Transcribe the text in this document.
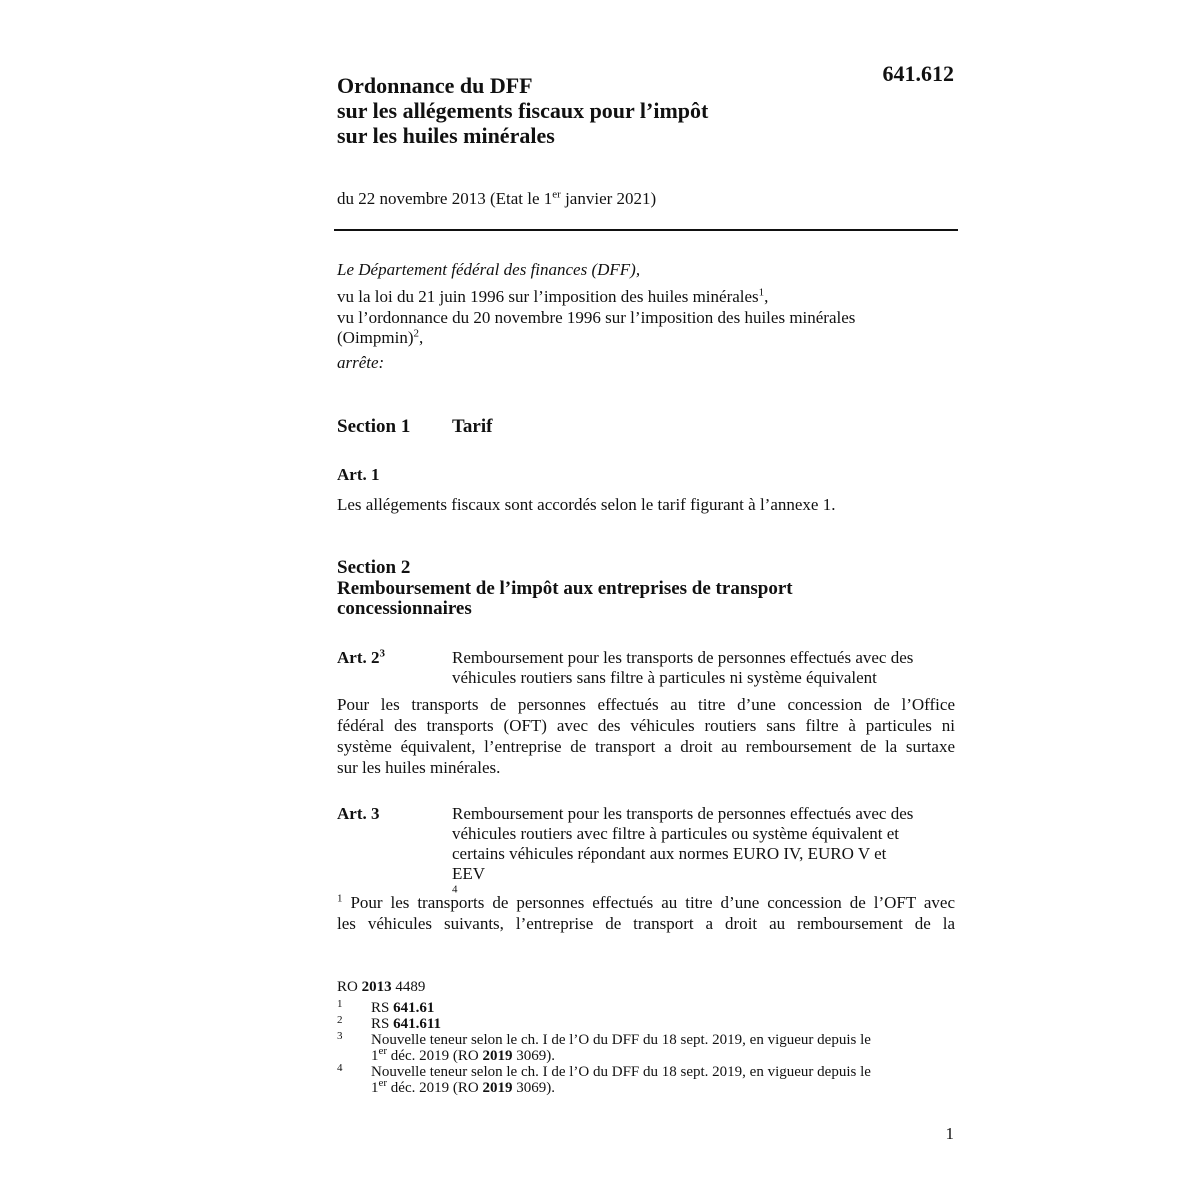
641.612
Ordonnance du DFF
sur les allégements fiscaux pour l’impôt
sur les huiles minérales
du 22 novembre 2013 (Etat le 1er janvier 2021)
Le Département fédéral des finances (DFF),
vu la loi du 21 juin 1996 sur l’imposition des huiles minérales$^1$,
vu l’ordonnance du 20 novembre 1996 sur l’imposition des huiles minérales
(Oimpmin)$^2$,
arrête:
Section 1 Tarif
Art. 1
Les allégements fiscaux sont accordés selon le tarif figurant à l’annexe 1.
Section 2
Remboursement de l’impôt aux entreprises de transport
concessionnaires
Art. $2^3$	Remboursement pour les transports de personnes effectués avec des
véhicules routiers sans filtre à particules ni système équivalent
Pour les transports de personnes effectués au titre d’une concession de l’Office
fédéral des transports (OFT) avec des véhicules routiers sans filtre à particules ni
système équivalent, l’entreprise de transport a droit au remboursement de la surtaxe
sur les huiles minérales.
Art. 3	Remboursement pour les transports de personnes effectués avec des
véhicules routiers avec filtre à particules ou système équivalent et
certains véhicules répondant aux normes EURO IV, EURO V et
EEV
$^4$
$^1$ Pour les transports de personnes effectués au titre d’une concession de l’OFT avec
les véhicules suivants, l’entreprise de transport a droit au remboursement de la
RO 2013 4489
1 RS 641.61
2 RS 641.611
3 Nouvelle teneur selon le ch. I de l’O du DFF du 18 sept. 2019, en vigueur depuis le
1er déc. 2019 (RO 2019 3069).
4 Nouvelle teneur selon le ch. I de l’O du DFF du 18 sept. 2019, en vigueur depuis le
1er déc. 2019 (RO 2019 3069).
1
